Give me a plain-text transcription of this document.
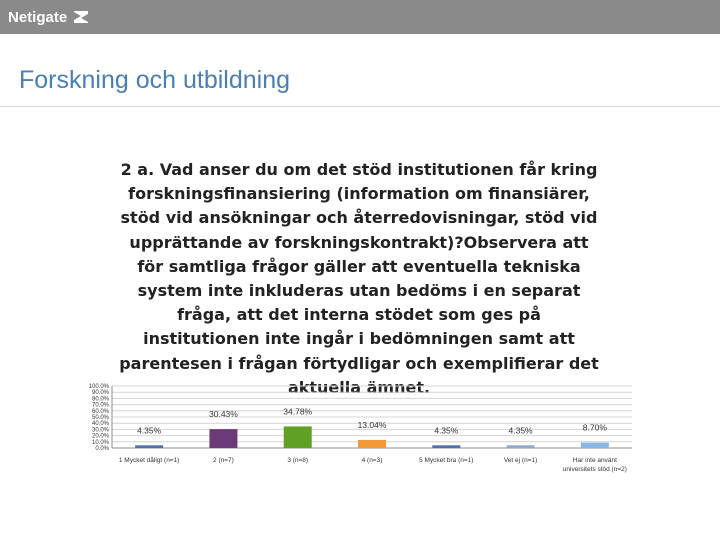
Netigate
Forskning och utbildning
2 a. Vad anser du om det stöd institutionen får kring forskningsfinansiering (information om finansiärer, stöd vid ansökningar och återredovisningar, stöd vid upprättande av forskningskontrakt)?Observera att för samtliga frågor gäller att eventuella tekniska system inte inkluderas utan bedöms i en separat fråga, att det interna stödet som ges på institutionen inte ingår i bedömningen samt att parentesen i frågan förtydligar och exemplifierar det aktuella ämnet.
0.0%
10.0%
20.0%
30.0%
40.0%
50.0%
60.0%
70.0%
80.0%
90.0%
100.0%
4.35%
30.43%	34.78%
13.04%
4.35%	4.35%	8.70%
1 Mycket dåligt (n=1)	2 (n=7)	3 (n=8)	4 (n=3)	5 Mycket bra (n=1)	Vet ej (n=1)	Har inte använt universitets stöd (n=2)
